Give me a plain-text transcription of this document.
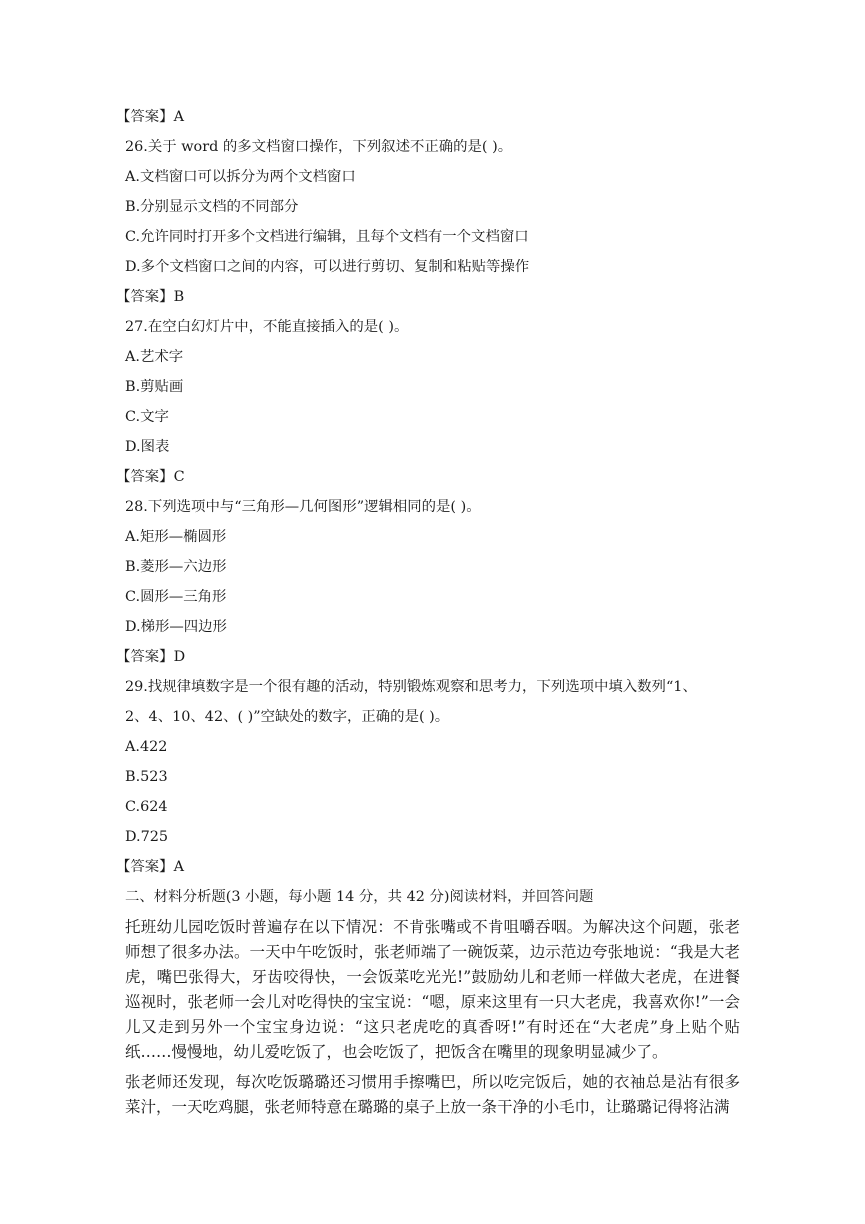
【答案】A
26.关于 word 的多文档窗口操作，下列叙述不正确的是( )。
A.文档窗口可以拆分为两个文档窗口
B.分别显示文档的不同部分
C.允许同时打开多个文档进行编辑，且每个文档有一个文档窗口
D.多个文档窗口之间的内容，可以进行剪切、复制和粘贴等操作
【答案】B
27.在空白幻灯片中，不能直接插入的是( )。
A.艺术字
B.剪贴画
C.文字
D.图表
【答案】C
28.下列选项中与“三角形—几何图形”逻辑相同的是( )。
A.矩形—椭圆形
B.菱形—六边形
C.圆形—三角形
D.梯形—四边形
【答案】D
29.找规律填数字是一个很有趣的活动，特别锻炼观察和思考力，下列选项中填入数列“1、
2、4、10、42、( )”空缺处的数字，正确的是( )。
A.422
B.523
C.624
D.725
【答案】A
二、材料分析题(3 小题，每小题 14 分，共 42 分)阅读材料，并回答问题
托班幼儿园吃饭时普遍存在以下情况：不肯张嘴或不肯咀嚼吞咽。为解决这个问题，张老师想了很多办法。一天中午吃饭时，张老师端了一碗饭菜，边示范边夸张地说：“我是大老虎，嘴巴张得大，牙齿咬得快，一会饭菜吃光光!”鼓励幼儿和老师一样做大老虎，在进餐巡视时，张老师一会儿对吃得快的宝宝说：“嗯，原来这里有一只大老虎，我喜欢你!”一会儿又走到另外一个宝宝身边说：“这只老虎吃的真香呀!”有时还在“大老虎”身上贴个贴纸……慢慢地，幼儿爱吃饭了，也会吃饭了，把饭含在嘴里的现象明显减少了。
张老师还发现，每次吃饭璐璐还习惯用手擦嘴巴，所以吃完饭后，她的衣袖总是沾有很多菜汁，一天吃鸡腿，张老师特意在璐璐的桌子上放一条干净的小毛巾，让璐璐记得将沾满
